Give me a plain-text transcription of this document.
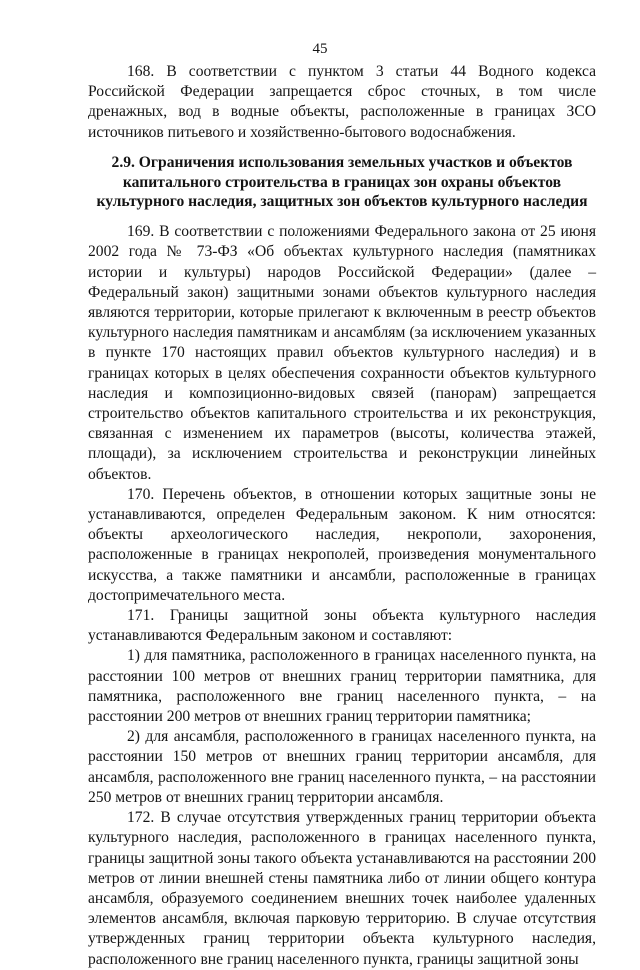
45

168. В соответствии с пунктом 3 статьи 44 Водного кодекса Российской Федерации запрещается сброс сточных, в том числе дренажных, вод в водные объекты, расположенные в границах ЗСО источников питьевого и хозяйственно-бытового водоснабжения.

2.9. Ограничения использования земельных участков и объектов капитального строительства в границах зон охраны объектов культурного наследия, защитных зон объектов культурного наследия

169. В соответствии с положениями Федерального закона от 25 июня 2002 года № 73-ФЗ «Об объектах культурного наследия (памятниках истории и культуры) народов Российской Федерации» (далее – Федеральный закон) защитными зонами объектов культурного наследия являются территории, которые прилегают к включенным в реестр объектов культурного наследия памятникам и ансамблям (за исключением указанных в пункте 170 настоящих правил объектов культурного наследия) и в границах которых в целях обеспечения сохранности объектов культурного наследия и композиционно-видовых связей (панорам) запрещается строительство объектов капитального строительства и их реконструкция, связанная с изменением их параметров (высоты, количества этажей, площади), за исключением строительства и реконструкции линейных объектов.

170. Перечень объектов, в отношении которых защитные зоны не устанавливаются, определен Федеральным законом. К ним относятся: объекты археологического наследия, некрополи, захоронения, расположенные в границах некрополей, произведения монументального искусства, а также памятники и ансамбли, расположенные в границах достопримечательного места.

171. Границы защитной зоны объекта культурного наследия устанавливаются Федеральным законом и составляют:

1) для памятника, расположенного в границах населенного пункта, на расстоянии 100 метров от внешних границ территории памятника, для памятника, расположенного вне границ населенного пункта, – на расстоянии 200 метров от внешних границ территории памятника;

2) для ансамбля, расположенного в границах населенного пункта, на расстоянии 150 метров от внешних границ территории ансамбля, для ансамбля, расположенного вне границ населенного пункта, – на расстоянии 250 метров от внешних границ территории ансамбля.

172. В случае отсутствия утвержденных границ территории объекта культурного наследия, расположенного в границах населенного пункта, границы защитной зоны такого объекта устанавливаются на расстоянии 200 метров от линии внешней стены памятника либо от линии общего контура ансамбля, образуемого соединением внешних точек наиболее удаленных элементов ансамбля, включая парковую территорию. В случае отсутствия утвержденных границ территории объекта культурного наследия, расположенного вне границ населенного пункта, границы защитной зоны
